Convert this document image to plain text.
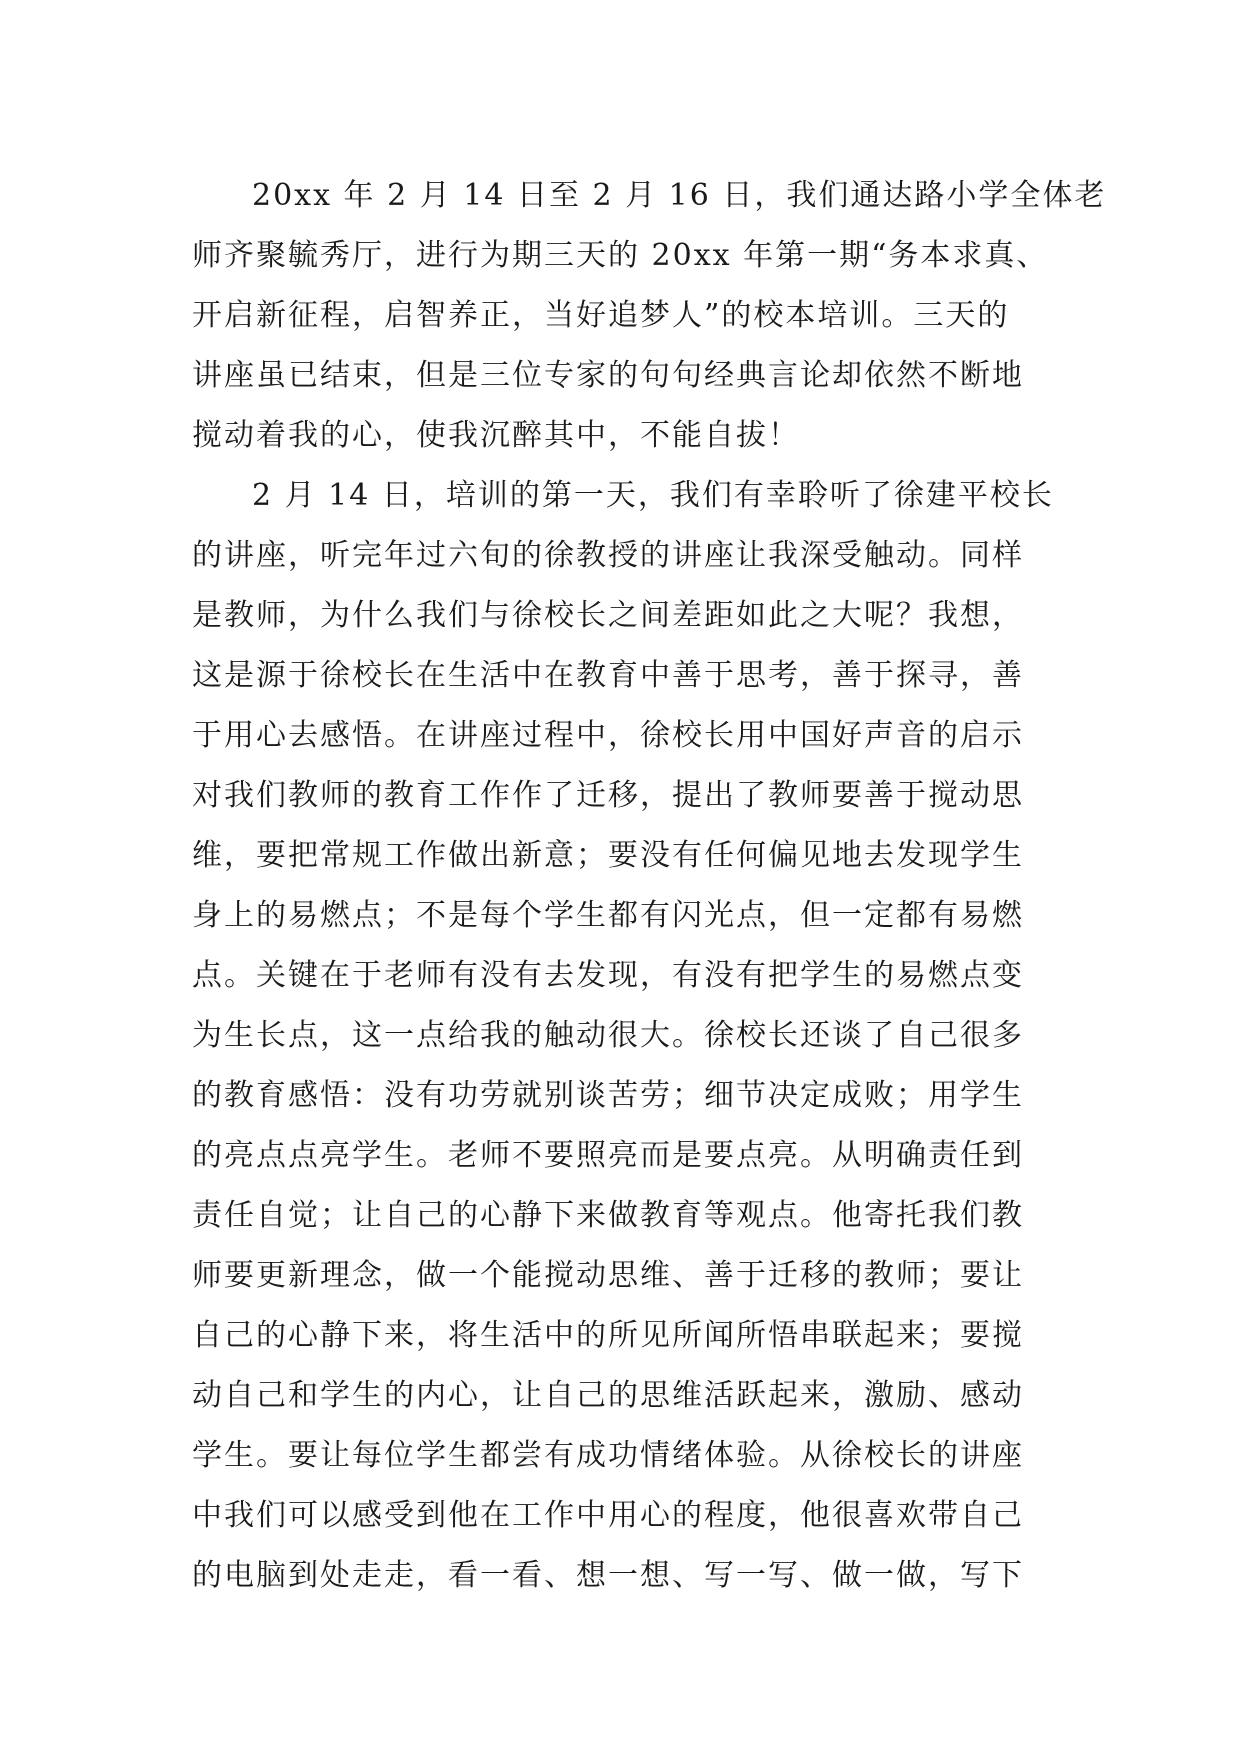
20xx 年 2 月 14 日至 2 月 16 日，我们通达路小学全体老
师齐聚毓秀厅，进行为期三天的 20xx 年第一期“务本求真、
开启新征程，启智养正，当好追梦人”的校本培训。三天的
讲座虽已结束，但是三位专家的句句经典言论却依然不断地
搅动着我的心，使我沉醉其中，不能自拔！
2 月 14 日，培训的第一天，我们有幸聆听了徐建平校长
的讲座，听完年过六旬的徐教授的讲座让我深受触动。同样
是教师，为什么我们与徐校长之间差距如此之大呢？我想，
这是源于徐校长在生活中在教育中善于思考，善于探寻，善
于用心去感悟。在讲座过程中，徐校长用中国好声音的启示
对我们教师的教育工作作了迁移，提出了教师要善于搅动思
维，要把常规工作做出新意；要没有任何偏见地去发现学生
身上的易燃点；不是每个学生都有闪光点，但一定都有易燃
点。关键在于老师有没有去发现，有没有把学生的易燃点变
为生长点，这一点给我的触动很大。徐校长还谈了自己很多
的教育感悟：没有功劳就别谈苦劳；细节决定成败；用学生
的亮点点亮学生。老师不要照亮而是要点亮。从明确责任到
责任自觉；让自己的心静下来做教育等观点。他寄托我们教
师要更新理念，做一个能搅动思维、善于迁移的教师；要让
自己的心静下来，将生活中的所见所闻所悟串联起来；要搅
动自己和学生的内心，让自己的思维活跃起来，激励、感动
学生。要让每位学生都尝有成功情绪体验。从徐校长的讲座
中我们可以感受到他在工作中用心的程度，他很喜欢带自己
的电脑到处走走，看一看、想一想、写一写、做一做，写下
